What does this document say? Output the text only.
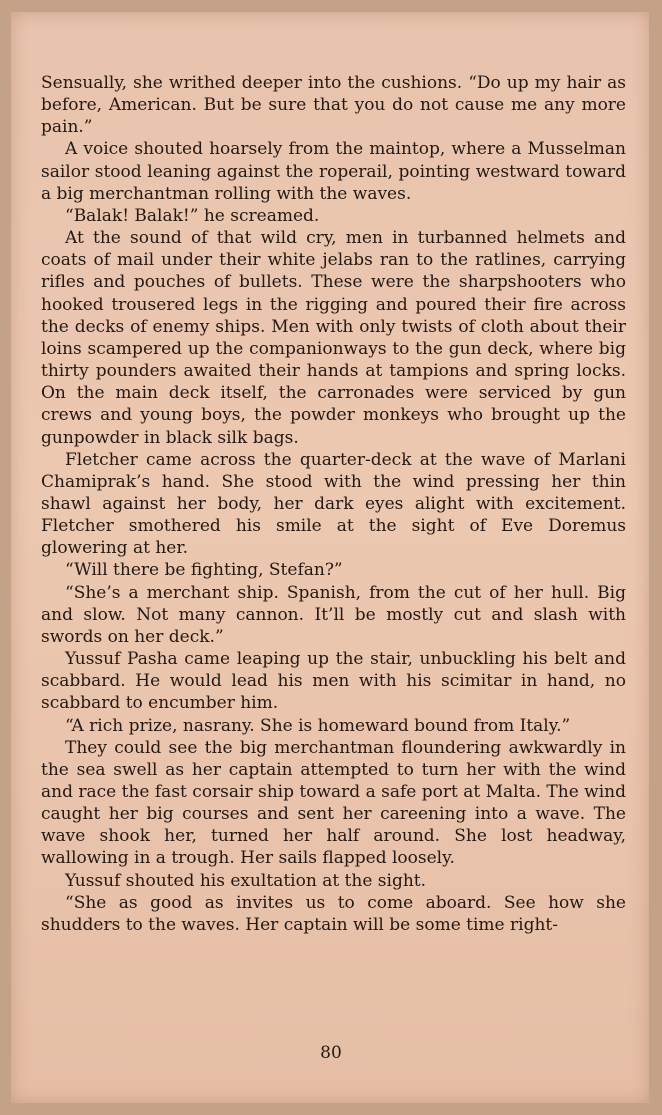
Sensually, she writhed deeper into the cushions. “Do up my hair as before, American. But be sure that you do not cause me any more pain.”

A voice shouted hoarsely from the maintop, where a Musselman sailor stood leaning against the roperail, pointing westward toward a big merchantman rolling with the waves.

“Balak! Balak!” he screamed.

At the sound of that wild cry, men in turbanned helmets and coats of mail under their white jelabs ran to the ratlines, carrying rifles and pouches of bullets. These were the sharpshooters who hooked trousered legs in the rigging and poured their fire across the decks of enemy ships. Men with only twists of cloth about their loins scampered up the companionways to the gun deck, where big thirty pounders awaited their hands at tampions and spring locks. On the main deck itself, the carronades were serviced by gun crews and young boys, the powder monkeys who brought up the gunpowder in black silk bags.

Fletcher came across the quarter-deck at the wave of Marlani Chamiprak’s hand. She stood with the wind pressing her thin shawl against her body, her dark eyes alight with excitement. Fletcher smothered his smile at the sight of Eve Doremus glowering at her.

“Will there be fighting, Stefan?”

“She’s a merchant ship. Spanish, from the cut of her hull. Big and slow. Not many cannon. It’ll be mostly cut and slash with swords on her deck.”

Yussuf Pasha came leaping up the stair, unbuckling his belt and scabbard. He would lead his men with his scimitar in hand, no scabbard to encumber him.

“A rich prize, nasrany. She is homeward bound from Italy.”

They could see the big merchantman floundering awkwardly in the sea swell as her captain attempted to turn her with the wind and race the fast corsair ship toward a safe port at Malta. The wind caught her big courses and sent her careening into a wave. The wave shook her, turned her half around. She lost headway, wallowing in a trough. Her sails flapped loosely.

Yussuf shouted his exultation at the sight.

“She as good as invites us to come aboard. See how she shudders to the waves. Her captain will be some time right-

80
